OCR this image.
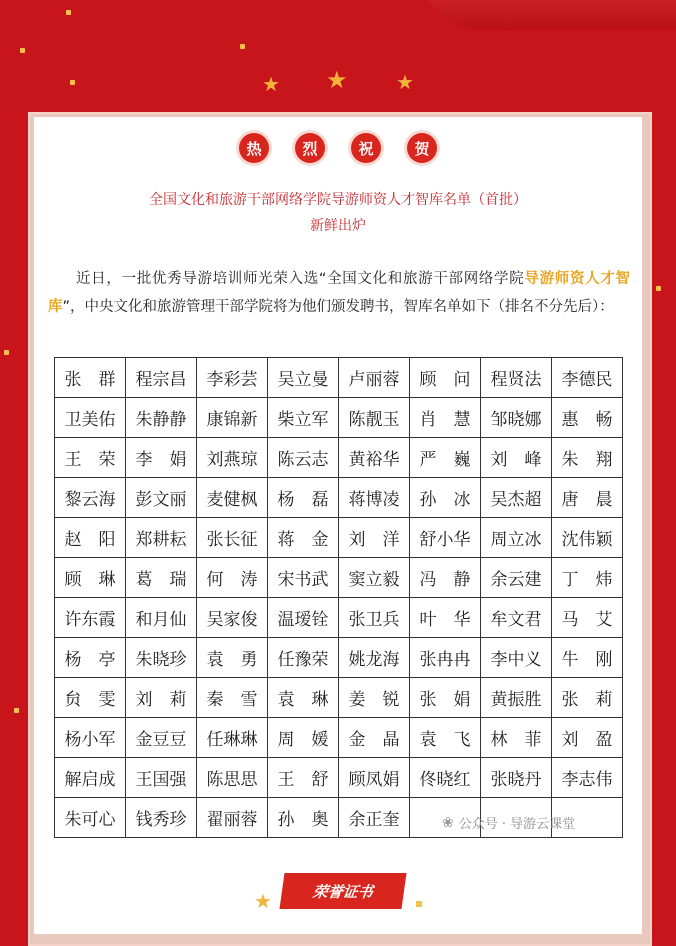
★ ★ ★
热	烈	祝	贺
全国文化和旅游干部网络学院导游师资人才智库名单（首批）
新鲜出炉

近日，一批优秀导游培训师光荣入选“全国文化和旅游干部网络学院导游师资人才智库”，中央文化和旅游管理干部学院将为他们颁发聘书，智库名单如下（排名不分先后）：

张　群	程宗昌	李彩芸	吴立曼	卢丽蓉	顾　问	程贤法	李德民
卫美佑	朱静静	康锦新	柴立军	陈靓玉	肖　慧	邹晓娜	惠　畅
王　荣	李　娟	刘燕琼	陈云志	黄裕华	严　巍	刘　峰	朱　翔
黎云海	彭文丽	麦健枫	杨　磊	蒋博凌	孙　冰	吴杰超	唐　晨
赵　阳	郑耕耘	张长征	蒋　金	刘　洋	舒小华	周立冰	沈伟颖
顾　琳	葛　瑞	何　涛	宋书武	窦立毅	冯　静	余云建	丁　炜
许东霞	和月仙	吴家俊	温瑷铨	张卫兵	叶　华	牟文君	马　艾
杨　亭	朱晓珍	袁　勇	任豫荣	姚龙海	张冉冉	李中义	牛　刚
贠　雯	刘　莉	秦　雪	袁　琳	姜　锐	张　娟	黄振胜	张　莉
杨小军	金豆豆	任琳琳	周　媛	金　晶	袁　飞	林　菲	刘　盈
解启成	王国强	陈思思	王　舒	顾凤娟	佟晓红	张晓丹	李志伟
朱可心	钱秀珍	翟丽蓉	孙　奥	余正奎				❀ 公众号 · 导游云课堂
★	荣誉证书
